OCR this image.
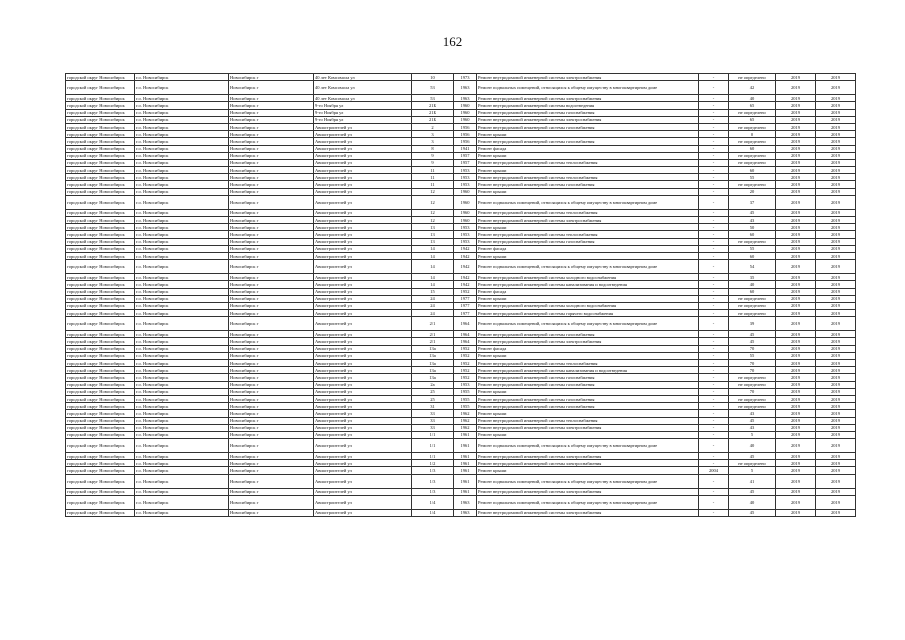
162
городской округ Новосибирск	г.о. Новосибирск	Новосибирск г	40 лет Комсомола ул	10	1973	Ремонт внутридомовой инженерной системы электроснабжения	-	не определено	2019	2019
городской округ Новосибирск	г.о. Новосибирск	Новосибирск г	40 лет Комсомола ул	53	1963	Ремонт подвальных помещений, относящихся к общему имуществу в многоквартирном доме	-	42	2019	2019
городской округ Новосибирск	г.о. Новосибирск	Новосибирск г	40 лет Комсомола ул	53	1963	Ремонт внутридомовой инженерной системы электроснабжения	-	40	2019	2019
городской округ Новосибирск	г.о. Новосибирск	Новосибирск г	9-го Ноября ул	21Б	1960	Ремонт внутридомовой инженерной системы водоотведения	-	65	2019	2019
городской округ Новосибирск	г.о. Новосибирск	Новосибирск г	9-го Ноября ул	21Б	1960	Ремонт внутридомовой инженерной системы газоснабжения	-	не определено	2019	2019
городской округ Новосибирск	г.о. Новосибирск	Новосибирск г	9-го Ноября ул	21Б	1960	Ремонт внутридомовой инженерной системы электроснабжения	-	65	2019	2019
городской округ Новосибирск	г.о. Новосибирск	Новосибирск г	Авиастроителей ул	2	1956	Ремонт внутридомовой инженерной системы газоснабжения	-	не определено	2019	2019
городской округ Новосибирск	г.о. Новосибирск	Новосибирск г	Авиастроителей ул	3	1956	Ремонт крыши	-	0	2019	2019
городской округ Новосибирск	г.о. Новосибирск	Новосибирск г	Авиастроителей ул	3	1956	Ремонт внутридомовой инженерной системы газоснабжения	-	не определено	2019	2019
городской округ Новосибирск	г.о. Новосибирск	Новосибирск г	Авиастроителей ул	8	1941	Ремонт фасада	-	60	2019	2019
городской округ Новосибирск	г.о. Новосибирск	Новосибирск г	Авиастроителей ул	9	1957	Ремонт крыши	-	не определено	2019	2019
городской округ Новосибирск	г.о. Новосибирск	Новосибирск г	Авиастроителей ул	9	1957	Ремонт внутридомовой инженерной системы теплоснабжения	-	не определено	2019	2019
городской округ Новосибирск	г.о. Новосибирск	Новосибирск г	Авиастроителей ул	11	1953	Ремонт крыши	-	60	2019	2019
городской округ Новосибирск	г.о. Новосибирск	Новосибирск г	Авиастроителей ул	11	1953	Ремонт внутридомовой инженерной системы теплоснабжения	-	55	2019	2019
городской округ Новосибирск	г.о. Новосибирск	Новосибирск г	Авиастроителей ул	11	1953	Ремонт внутридомовой инженерной системы газоснабжения	-	не определено	2019	2019
городской округ Новосибирск	г.о. Новосибирск	Новосибирск г	Авиастроителей ул	12	1960	Ремонт крыши	-	20	2019	2019
городской округ Новосибирск	г.о. Новосибирск	Новосибирск г	Авиастроителей ул	12	1960	Ремонт подвальных помещений, относящихся к общему имуществу в многоквартирном доме	-	37	2019	2019
городской округ Новосибирск	г.о. Новосибирск	Новосибирск г	Авиастроителей ул	12	1960	Ремонт внутридомовой инженерной системы теплоснабжения	-	45	2019	2019
городской округ Новосибирск	г.о. Новосибирск	Новосибирск г	Авиастроителей ул	12	1960	Ремонт внутридомовой инженерной системы электроснабжения	-	43	2019	2019
городской округ Новосибирск	г.о. Новосибирск	Новосибирск г	Авиастроителей ул	13	1953	Ремонт крыши	-	50	2019	2019
городской округ Новосибирск	г.о. Новосибирск	Новосибирск г	Авиастроителей ул	13	1953	Ремонт внутридомовой инженерной системы теплоснабжения	-	60	2019	2019
городской округ Новосибирск	г.о. Новосибирск	Новосибирск г	Авиастроителей ул	13	1953	Ремонт внутридомовой инженерной системы газоснабжения	-	не определено	2019	2019
городской округ Новосибирск	г.о. Новосибирск	Новосибирск г	Авиастроителей ул	14	1942	Ремонт фасада	-	55	2019	2019
городской округ Новосибирск	г.о. Новосибирск	Новосибирск г	Авиастроителей ул	14	1942	Ремонт крыши	-	60	2019	2019
городской округ Новосибирск	г.о. Новосибирск	Новосибирск г	Авиастроителей ул	14	1942	Ремонт подвальных помещений, относящихся к общему имуществу в многоквартирном доме	-	54	2019	2019
городской округ Новосибирск	г.о. Новосибирск	Новосибирск г	Авиастроителей ул	14	1942	Ремонт внутридомовой инженерной системы холодного водоснабжения	-	35	2019	2019
городской округ Новосибирск	г.о. Новосибирск	Новосибирск г	Авиастроителей ул	14	1942	Ремонт внутридомовой инженерной системы канализования и водоотведения	-	40	2019	2019
городской округ Новосибирск	г.о. Новосибирск	Новосибирск г	Авиастроителей ул	15	1952	Ремонт фасада	-	60	2019	2019
городской округ Новосибирск	г.о. Новосибирск	Новосибирск г	Авиастроителей ул	24	1977	Ремонт крыши	-	не определено	2019	2019
городской округ Новосибирск	г.о. Новосибирск	Новосибирск г	Авиастроителей ул	24	1977	Ремонт внутридомовой инженерной системы холодного водоснабжения	-	не определено	2019	2019
городской округ Новосибирск	г.о. Новосибирск	Новосибирск г	Авиастроителей ул	24	1977	Ремонт внутридомовой инженерной системы горячего водоснабжения	-	не определено	2019	2019
городской округ Новосибирск	г.о. Новосибирск	Новосибирск г	Авиастроителей ул	2/1	1964	Ремонт подвальных помещений, относящихся к общему имуществу в многоквартирном доме	-	39	2019	2019
городской округ Новосибирск	г.о. Новосибирск	Новосибирск г	Авиастроителей ул	2/1	1964	Ремонт внутридомовой инженерной системы газоснабжения	-	45	2019	2019
городской округ Новосибирск	г.о. Новосибирск	Новосибирск г	Авиастроителей ул	2/1	1964	Ремонт внутридомовой инженерной системы электроснабжения	-	45	2019	2019
городской округ Новосибирск	г.о. Новосибирск	Новосибирск г	Авиастроителей ул	13а	1952	Ремонт фасада	-	70	2019	2019
городской округ Новосибирск	г.о. Новосибирск	Новосибирск г	Авиастроителей ул	13а	1952	Ремонт крыши	-	55	2019	2019
городской округ Новосибирск	г.о. Новосибирск	Новосибирск г	Авиастроителей ул	13а	1952	Ремонт внутридомовой инженерной системы теплоснабжения	-	70	2019	2019
городской округ Новосибирск	г.о. Новосибирск	Новосибирск г	Авиастроителей ул	13а	1952	Ремонт внутридомовой инженерной системы канализования и водоотведения	-	70	2019	2019
городской округ Новосибирск	г.о. Новосибирск	Новосибирск г	Авиастроителей ул	13а	1952	Ремонт внутридомовой инженерной системы газоснабжения	-	не определено	2019	2019
городской округ Новосибирск	г.о. Новосибирск	Новосибирск г	Авиастроителей ул	2а	1953	Ремонт внутридомовой инженерной системы газоснабжения	-	не определено	2019	2019
городской округ Новосибирск	г.о. Новосибирск	Новосибирск г	Авиастроителей ул	25	1955	Ремонт крыши	-	70	2019	2019
городской округ Новосибирск	г.о. Новосибирск	Новосибирск г	Авиастроителей ул	25	1955	Ремонт внутридомовой инженерной системы газоснабжения	-	не определено	2019	2019
городской округ Новосибирск	г.о. Новосибирск	Новосибирск г	Авиастроителей ул	31	1955	Ремонт внутридомовой инженерной системы газоснабжения	-	не определено	2019	2019
городской округ Новосибирск	г.о. Новосибирск	Новосибирск г	Авиастроителей ул	33	1962	Ремонт крыши	-	43	2019	2019
городской округ Новосибирск	г.о. Новосибирск	Новосибирск г	Авиастроителей ул	33	1962	Ремонт внутридомовой инженерной системы теплоснабжения	-	45	2019	2019
городской округ Новосибирск	г.о. Новосибирск	Новосибирск г	Авиастроителей ул	33	1962	Ремонт внутридомовой инженерной системы электроснабжения	-	43	2019	2019
городской округ Новосибирск	г.о. Новосибирск	Новосибирск г	Авиастроителей ул	1/1	1961	Ремонт крыши	-	5	2019	2019
городской округ Новосибирск	г.о. Новосибирск	Новосибирск г	Авиастроителей ул	1/1	1961	Ремонт подвальных помещений, относящихся к общему имуществу в многоквартирном доме	-	40	2019	2019
городской округ Новосибирск	г.о. Новосибирск	Новосибирск г	Авиастроителей ул	1/1	1961	Ремонт внутридомовой инженерной системы электроснабжения	-	45	2019	2019
городской округ Новосибирск	г.о. Новосибирск	Новосибирск г	Авиастроителей ул	1/2	1961	Ремонт внутридомовой инженерной системы электроснабжения	-	не определено	2019	2019
городской округ Новосибирск	г.о. Новосибирск	Новосибирск г	Авиастроителей ул	1/3	1961	Ремонт крыши	2004	5	2019	2019
городской округ Новосибирск	г.о. Новосибирск	Новосибирск г	Авиастроителей ул	1/3	1961	Ремонт подвальных помещений, относящихся к общему имуществу в многоквартирном доме	-	41	2019	2019
городской округ Новосибирск	г.о. Новосибирск	Новосибирск г	Авиастроителей ул	1/3	1961	Ремонт внутридомовой инженерной системы электроснабжения	-	45	2019	2019
городской округ Новосибирск	г.о. Новосибирск	Новосибирск г	Авиастроителей ул	1/4	1963	Ремонт подвальных помещений, относящихся к общему имуществу в многоквартирном доме	-	40	2019	2019
городской округ Новосибирск	г.о. Новосибирск	Новосибирск г	Авиастроителей ул	1/4	1963	Ремонт внутридомовой инженерной системы электроснабжения	-	45	2019	2019
